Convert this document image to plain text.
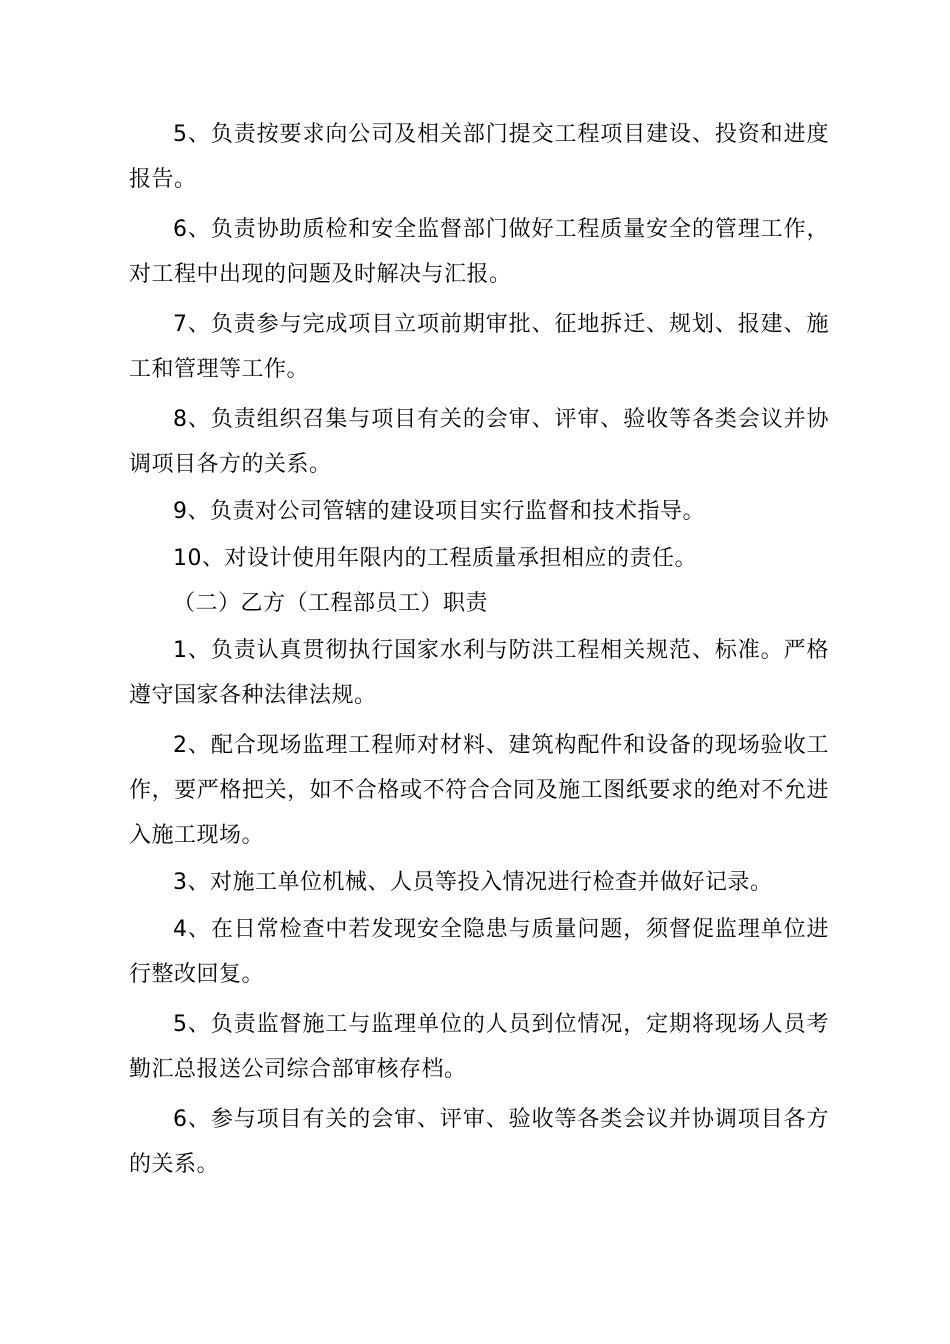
5、负责按要求向公司及相关部门提交工程项目建设、投资和进度报告。

6、负责协助质检和安全监督部门做好工程质量安全的管理工作，对工程中出现的问题及时解决与汇报。

7、负责参与完成项目立项前期审批、征地拆迁、规划、报建、施工和管理等工作。

8、负责组织召集与项目有关的会审、评审、验收等各类会议并协调项目各方的关系。

9、负责对公司管辖的建设项目实行监督和技术指导。

10、对设计使用年限内的工程质量承担相应的责任。

（二）乙方（工程部员工）职责

1、负责认真贯彻执行国家水利与防洪工程相关规范、标准。严格遵守国家各种法律法规。

2、配合现场监理工程师对材料、建筑构配件和设备的现场验收工作，要严格把关，如不合格或不符合合同及施工图纸要求的绝对不允进入施工现场。

3、对施工单位机械、人员等投入情况进行检查并做好记录。

4、在日常检查中若发现安全隐患与质量问题，须督促监理单位进行整改回复。

5、负责监督施工与监理单位的人员到位情况，定期将现场人员考勤汇总报送公司综合部审核存档。

6、参与项目有关的会审、评审、验收等各类会议并协调项目各方的关系。
